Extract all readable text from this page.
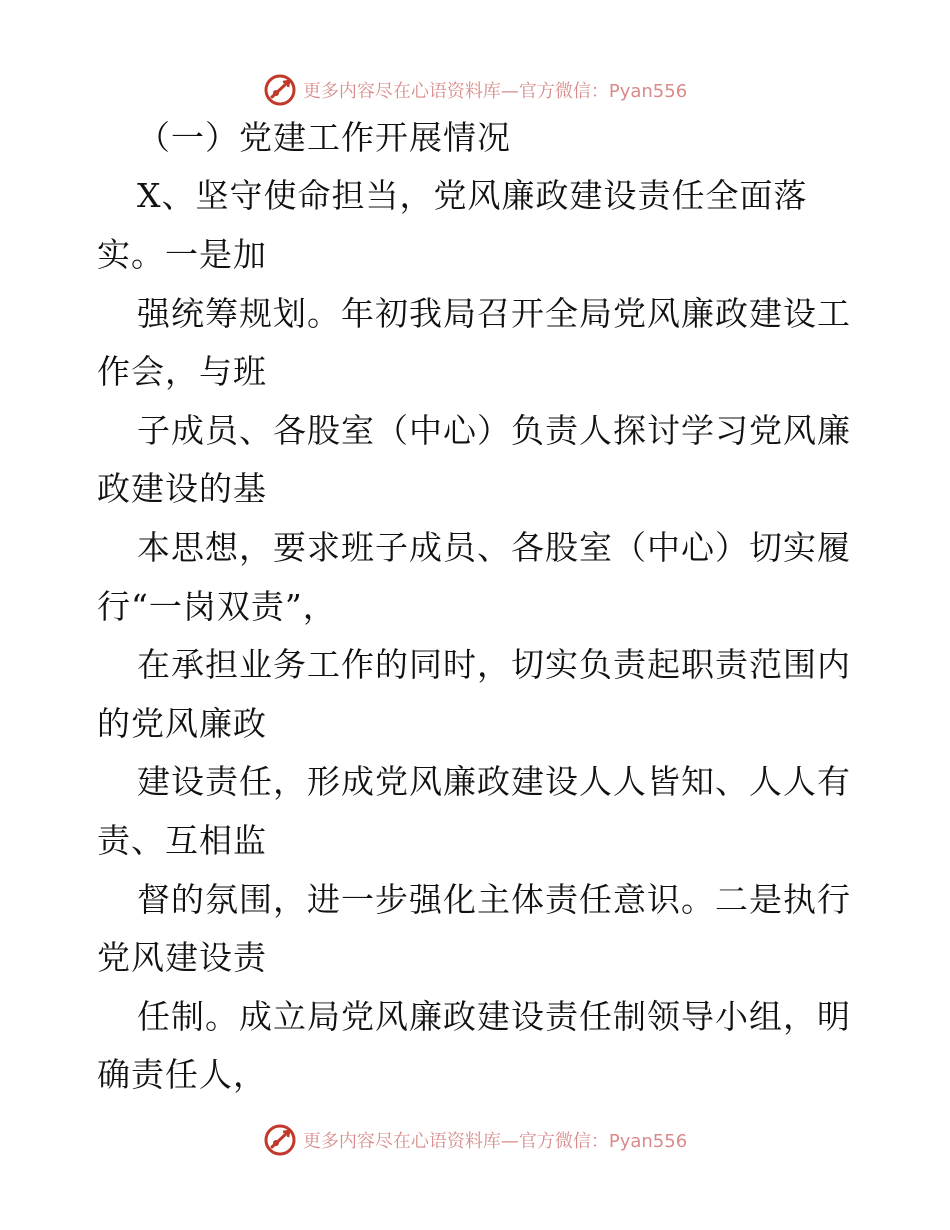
更多内容尽在心语资料库—官方微信：Pyan556
（一）党建工作开展情况
X、坚守使命担当，党风廉政建设责任全面落
实。一是加
强统筹规划。年初我局召开全局党风廉政建设工
作会，与班
子成员、各股室（中心）负责人探讨学习党风廉
政建设的基
本思想，要求班子成员、各股室（中心）切实履
行“一岗双责”，
在承担业务工作的同时，切实负责起职责范围内
的党风廉政
建设责任，形成党风廉政建设人人皆知、人人有
责、互相监
督的氛围，进一步强化主体责任意识。二是执行
党风建设责
任制。成立局党风廉政建设责任制领导小组，明
确责任人，
更多内容尽在心语资料库—官方微信：Pyan556
